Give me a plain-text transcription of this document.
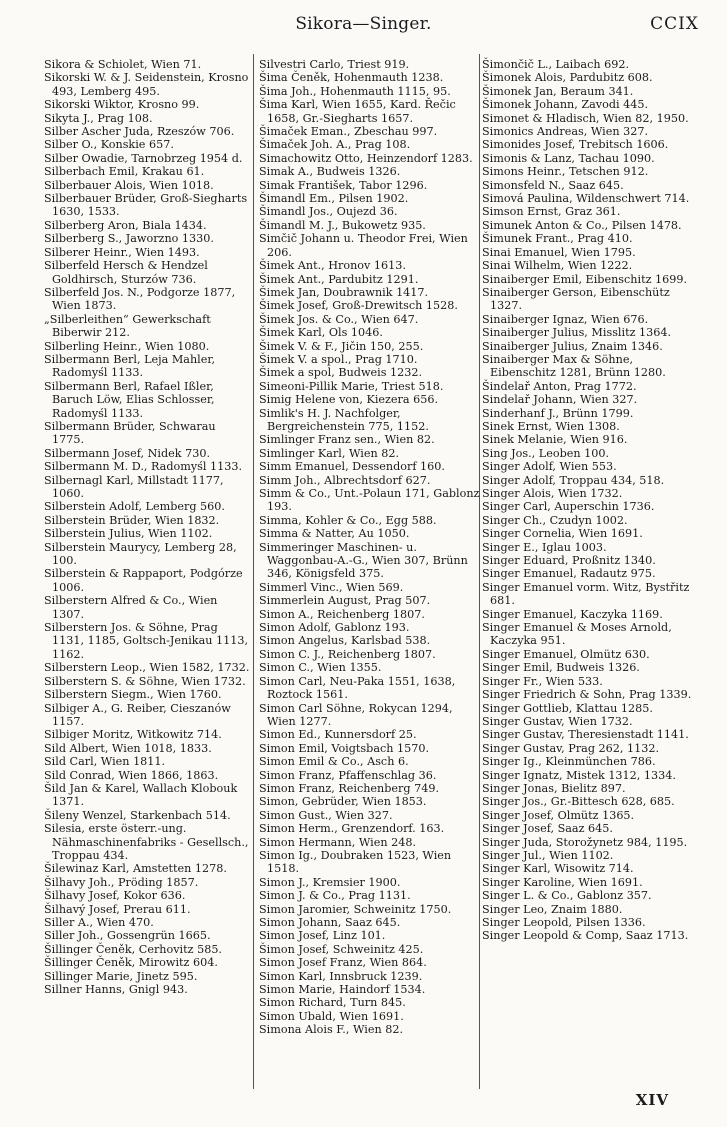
Sikora—Singer.	CCIX

Sikora & Schiolet, Wien 71.

Sikorski W. & J. Seidenstein, Krosno 493, Lemberg 495.

Sikorski Wiktor, Krosno 99.

Sikyta J., Prag 108.

Silber Ascher Juda, Rzeszów 706.

Silber O., Konskie 657.

Silber Owadie, Tarnobrzeg 1954 d.

Silberbach Emil, Krakau 61.

Silberbauer Alois, Wien 1018.

Silberbauer Brüder, Groß-Siegharts 1630, 1533.

Silberberg Aron, Biala 1434.

Silberberg S., Jaworzno 1330.

Silberer Heinr., Wien 1493.

Silberfeld Hersch & Hendzel Goldhirsch, Sturzów 736.

Silberfeld Jos. N., Podgorze 1877, Wien 1873.

„Silberleithen“ Gewerkschaft Biberwir 212.

Silberling Heinr., Wien 1080.

Silbermann Berl, Leja Mahler, Radomyśl 1133.

Silbermann Berl, Rafael Ißler, Baruch Löw, Elias Schlosser, Radomyśl 1133.

Silbermann Brüder, Schwarau 1775.

Silbermann Josef, Nidek 730.

Silbermann M. D., Radomyśl 1133.

Silbernagl Karl, Millstadt 1177, 1060.

Silberstein Adolf, Lemberg 560.

Silberstein Brüder, Wien 1832.

Silberstein Julius, Wien 1102.

Silberstein Maurycy, Lemberg 28, 100.

Silberstein & Rappaport, Podgórze 1006.

Silberstern Alfred & Co., Wien 1307.

Silberstern Jos. & Söhne, Prag 1131, 1185, Goltsch-Jenikau 1113, 1162.

Silberstern Leop., Wien 1582, 1732.

Silberstern S. & Söhne, Wien 1732.

Silberstern Siegm., Wien 1760.

Silbiger A., G. Reiber, Cieszanów 1157.

Silbiger Moritz, Witkowitz 714.

Sild Albert, Wien 1018, 1833.

Sild Carl, Wien 1811.

Sild Conrad, Wien 1866, 1863.

Šild Jan & Karel, Wallach Klobouk 1371.

Šileny Wenzel, Starkenbach 514.

Silesia, erste österr.-ung. Nähmaschinenfabriks - Gesellsch., Troppau 434.

Šilewinaz Karl, Amstetten 1278.

Šilhavy Joh., Pröding 1857.

Šilhavy Josef, Kokor 636.

Šilhavý Josef, Prerau 611.

Siller A., Wien 470.

Siller Joh., Gossengrün 1665.

Šillinger Čeněk, Cerhovitz 585.

Šillinger Čeněk, Mirowitz 604.

Sillinger Marie, Jinetz 595.

Sillner Hanns, Gnigl 943.

Silvestri Carlo, Triest 919.

Šima Čeněk, Hohenmauth 1238.

Šima Joh., Hohenmauth 1115, 95.

Šima Karl, Wien 1655, Kard. Řečic 1658, Gr.-Siegharts 1657.

Šimaček Eman., Zbeschau 997.

Šimaček Joh. A., Prag 108.

Simachowitz Otto, Heinzendorf 1283.

Simak A., Budweis 1326.

Simak František, Tabor 1296.

Šimandl Em., Pilsen 1902.

Šimandl Jos., Oujezd 36.

Šimandl M. J., Bukowetz 935.

Simčič Johann u. Theodor Frei, Wien 206.

Šimek Ant., Hronov 1613.

Šimek Ant., Pardubitz 1291.

Šimek Jan, Doubrawnik 1417.

Šimek Josef, Groß-Drewitsch 1528.

Šimek Jos. & Co., Wien 647.

Šimek Karl, Ols 1046.

Šimek V. & F., Jičin 150, 255.

Šimek V. a spol., Prag 1710.

Šimek a spol, Budweis 1232.

Simeoni-Pillik Marie, Triest 518.

Simig Helene von, Kiezera 656.

Simlik's H. J. Nachfolger, Bergreichenstein 775, 1152.

Simlinger Franz sen., Wien 82.

Simlinger Karl, Wien 82.

Simm Emanuel, Dessendorf 160.

Simm Joh., Albrechtsdorf 627.

Simm & Co., Unt.-Polaun 171, Gablonz 193.

Simma, Kohler & Co., Egg 588.

Simma & Natter, Au 1050.

Simmeringer Maschinen- u. Waggonbau-A.-G., Wien 307, Brünn 346, Königsfeld 375.

Simmerl Vinc., Wien 569.

Simmerlein August, Prag 507.

Simon A., Reichenberg 1807.

Simon Adolf, Gablonz 193.

Simon Angelus, Karlsbad 538.

Simon C. J., Reichenberg 1807.

Simon C., Wien 1355.

Simon Carl, Neu-Paka 1551, 1638, Roztock 1561.

Simon Carl Söhne, Rokycan 1294, Wien 1277.

Simon Ed., Kunnersdorf 25.

Simon Emil, Voigtsbach 1570.

Simon Emil & Co., Asch 6.

Simon Franz, Pfaffenschlag 36.

Simon Franz, Reichenberg 749.

Simon, Gebrüder, Wien 1853.

Simon Gust., Wien 327.

Simon Herm., Grenzendorf. 163.

Simon Hermann, Wien 248.

Simon Ig., Doubraken 1523, Wien 1518.

Simon J., Kremsier 1900.

Simon J. & Co., Prag 1131.

Simon Jaromier, Schweinitz 1750.

Simon Johann, Saaz 645.

Simon Josef, Linz 101.

Šimon Josef, Schweinitz 425.

Simon Josef Franz, Wien 864.

Simon Karl, Innsbruck 1239.

Simon Marie, Haindorf 1534.

Simon Richard, Turn 845.

Simon Ubald, Wien 1691.

Simona Alois F., Wien 82.

Šimončič L., Laibach 692.

Šimonek Alois, Pardubitz 608.

Šimonek Jan, Beraum 341.

Šimonek Johann, Zavodi 445.

Simonet & Hladisch, Wien 82, 1950.

Simonics Andreas, Wien 327.

Simonides Josef, Trebitsch 1606.

Simonis & Lanz, Tachau 1090.

Simons Heinr., Tetschen 912.

Simonsfeld N., Saaz 645.

Simová Paulina, Wildenschwert 714.

Simson Ernst, Graz 361.

Simunek Anton & Co., Pilsen 1478.

Šimunek Frant., Prag 410.

Sinai Emanuel, Wien 1795.

Sinai Wilhelm, Wien 1222.

Sinaiberger Emil, Eibenschitz 1699.

Sinaiberger Gerson, Eibenschütz 1327.

Sinaiberger Ignaz, Wien 676.

Sinaiberger Julius, Misslitz 1364.

Sinaiberger Julius, Znaim 1346.

Sinaiberger Max & Söhne, Eibenschitz 1281, Brünn 1280.

Šindelař Anton, Prag 1772.

Sindelař Johann, Wien 327.

Sinderhanf J., Brünn 1799.

Sinek Ernst, Wien 1308.

Sinek Melanie, Wien 916.

Sing Jos., Leoben 100.

Singer Adolf, Wien 553.

Singer Adolf, Troppau 434, 518.

Singer Alois, Wien 1732.

Singer Carl, Auperschin 1736.

Singer Ch., Czudyn 1002.

Singer Cornelia, Wien 1691.

Singer E., Iglau 1003.

Singer Eduard, Proßnitz 1340.

Singer Emanuel, Radautz 975.

Singer Emanuel vorm. Witz, Bystřitz 681.

Singer Emanuel, Kaczyka 1169.

Singer Emanuel & Moses Arnold, Kaczyka 951.

Singer Emanuel, Olmütz 630.

Singer Emil, Budweis 1326.

Singer Fr., Wien 533.

Singer Friedrich & Sohn, Prag 1339.

Singer Gottlieb, Klattau 1285.

Singer Gustav, Wien 1732.

Singer Gustav, Theresienstadt 1141.

Singer Gustav, Prag 262, 1132.

Singer Ig., Kleinmünchen 786.

Singer Ignatz, Mistek 1312, 1334.

Singer Jonas, Bielitz 897.

Singer Jos., Gr.-Bittesch 628, 685.

Singer Josef, Olmütz 1365.

Singer Josef, Saaz 645.

Singer Juda, Storožynetz 984, 1195.

Singer Jul., Wien 1102.

Singer Karl, Wisowitz 714.

Singer Karoline, Wien 1691.

Singer L. & Co., Gablonz 357.

Singer Leo, Znaim 1880.

Singer Leopold, Pilsen 1336.

Singer Leopold & Comp, Saaz 1713.

XIV
